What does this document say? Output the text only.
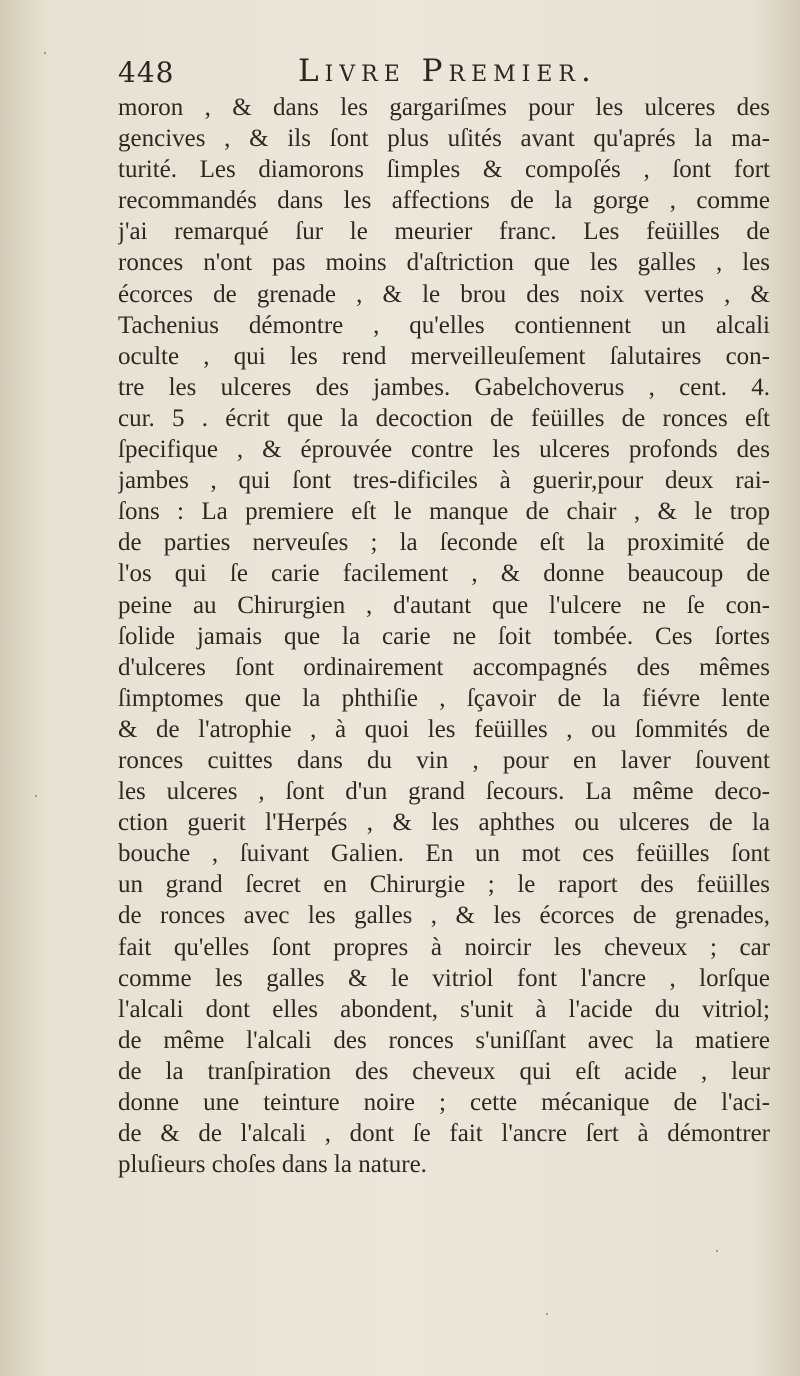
448	Livre Premier.
moron , & dans les gargariſmes pour les ulceres des
gencives , & ils ſont plus uſités avant qu'aprés la ma-
turité. Les diamorons ſimples & compoſés , ſont fort
recommandés dans les affections de la gorge , comme
j'ai remarqué ſur le meurier franc. Les feüilles de
ronces n'ont pas moins d'aſtriction que les galles , les
écorces de grenade , & le brou des noix vertes , &
Tachenius démontre , qu'elles contiennent un alcali
oculte , qui les rend merveilleuſement ſalutaires con-
tre les ulceres des jambes. Gabelchoverus , cent. 4.
cur. 5 . écrit que la decoction de feüilles de ronces eſt
ſpecifique , & éprouvée contre les ulceres profonds des
jambes , qui ſont tres-dificiles à guerir,pour deux rai-
ſons : La premiere eſt le manque de chair , & le trop
de parties nerveuſes ; la ſeconde eſt la proximité de
l'os qui ſe carie facilement , & donne beaucoup de
peine au Chirurgien , d'autant que l'ulcere ne ſe con-
ſolide jamais que la carie ne ſoit tombée. Ces ſortes
d'ulceres ſont ordinairement accompagnés des mêmes
ſimptomes que la phthiſie , ſçavoir de la fiévre lente
& de l'atrophie , à quoi les feüilles , ou ſommités de
ronces cuittes dans du vin , pour en laver ſouvent
les ulceres , ſont d'un grand ſecours. La même deco-
ction guerit l'Herpés , & les aphthes ou ulceres de la
bouche , ſuivant Galien. En un mot ces feüilles ſont
un grand ſecret en Chirurgie ; le raport des feüilles
de ronces avec les galles , & les écorces de grenades,
fait qu'elles ſont propres à noircir les cheveux ; car
comme les galles & le vitriol font l'ancre , lorſque
l'alcali dont elles abondent, s'unit à l'acide du vitriol;
de même l'alcali des ronces s'uniſſant avec la matiere
de la tranſpiration des cheveux qui eſt acide , leur
donne une teinture noire ; cette mécanique de l'aci-
de & de l'alcali , dont ſe fait l'ancre ſert à démontrer
pluſieurs choſes dans la nature.
